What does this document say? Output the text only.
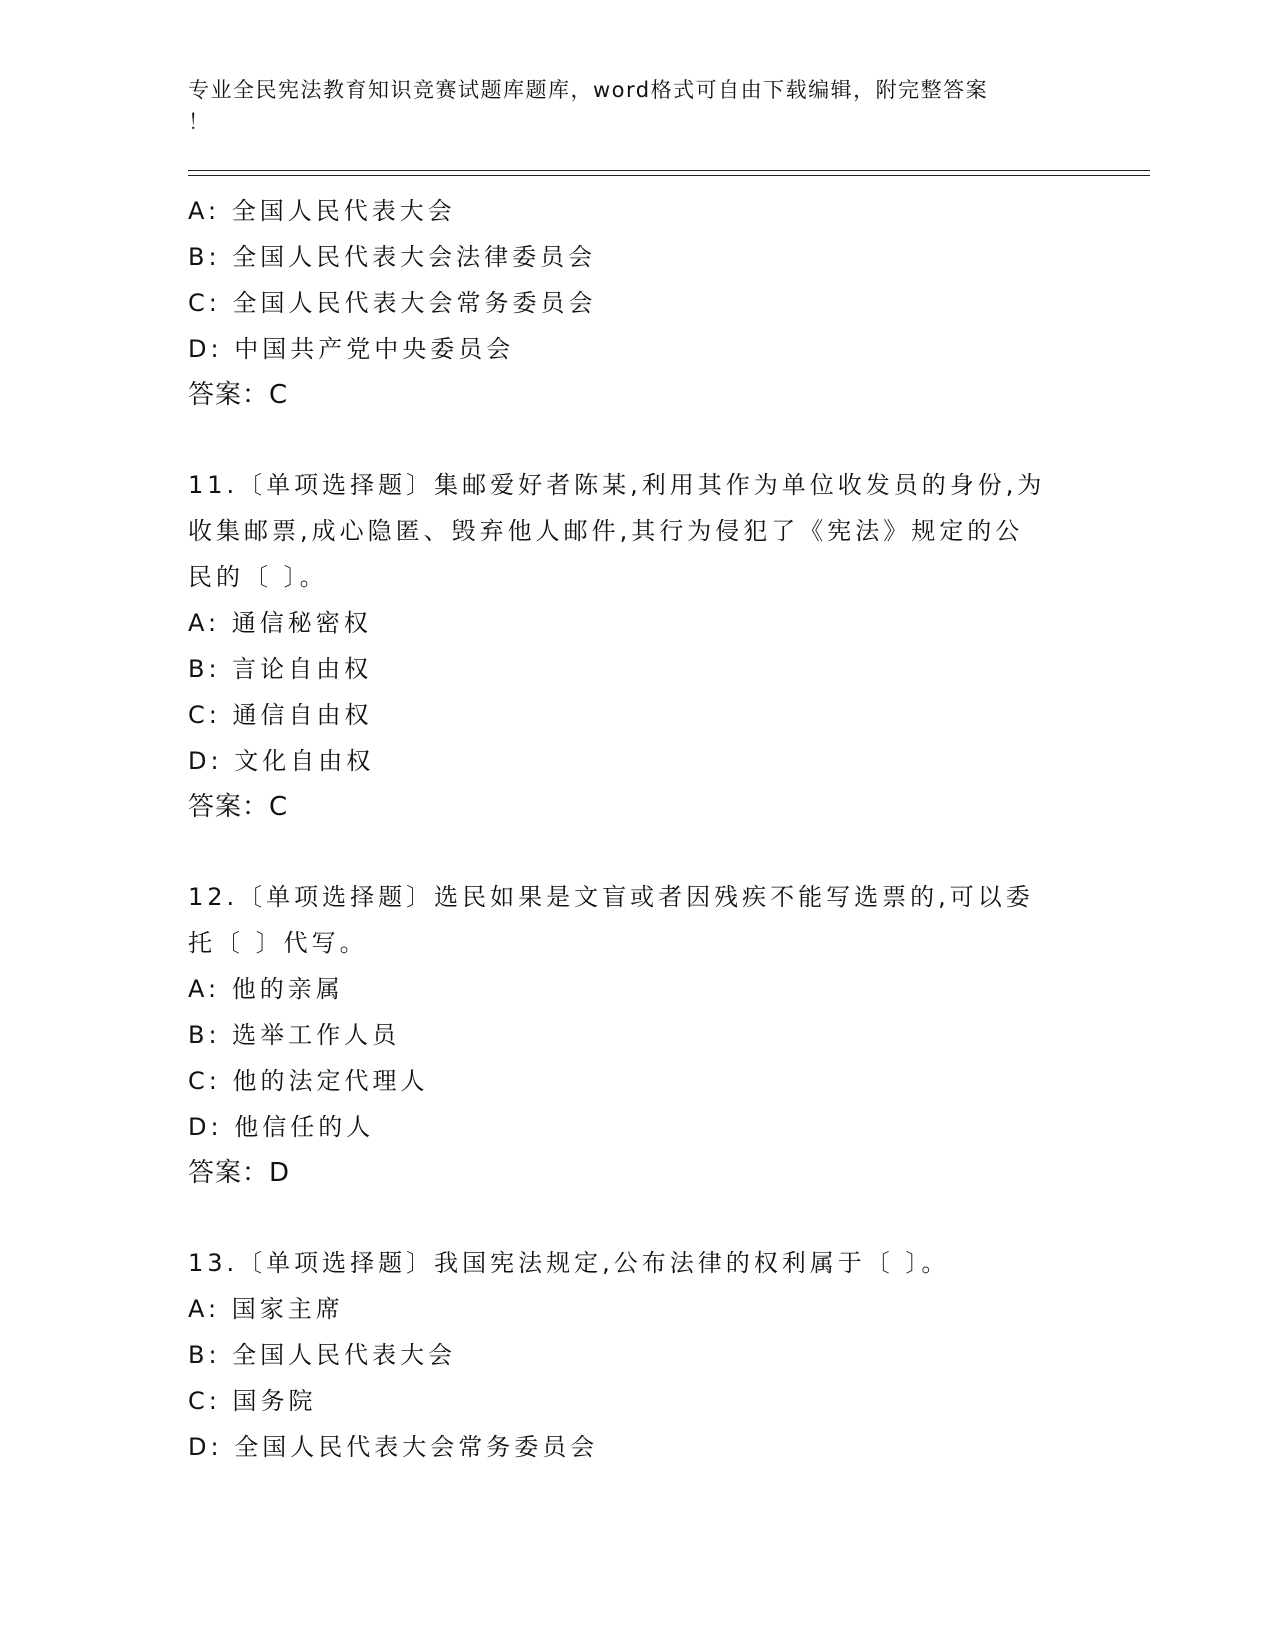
专业全民宪法教育知识竞赛试题库题库，word格式可自由下载编辑，附完整答案
！
A: 全国人民代表大会
B: 全国人民代表大会法律委员会
C: 全国人民代表大会常务委员会
D: 中国共产党中央委员会
答案：C
11.〔单项选择题〕集邮爱好者陈某,利用其作为单位收发员的身份,为
收集邮票,成心隐匿、毁弃他人邮件,其行为侵犯了《宪法》规定的公
民的〔 〕。
A: 通信秘密权
B: 言论自由权
C: 通信自由权
D: 文化自由权
答案：C
12.〔单项选择题〕选民如果是文盲或者因残疾不能写选票的,可以委
托〔 〕代写。
A: 他的亲属
B: 选举工作人员
C: 他的法定代理人
D: 他信任的人
答案：D
13.〔单项选择题〕我国宪法规定,公布法律的权利属于〔 〕。
A: 国家主席
B: 全国人民代表大会
C: 国务院
D: 全国人民代表大会常务委员会
